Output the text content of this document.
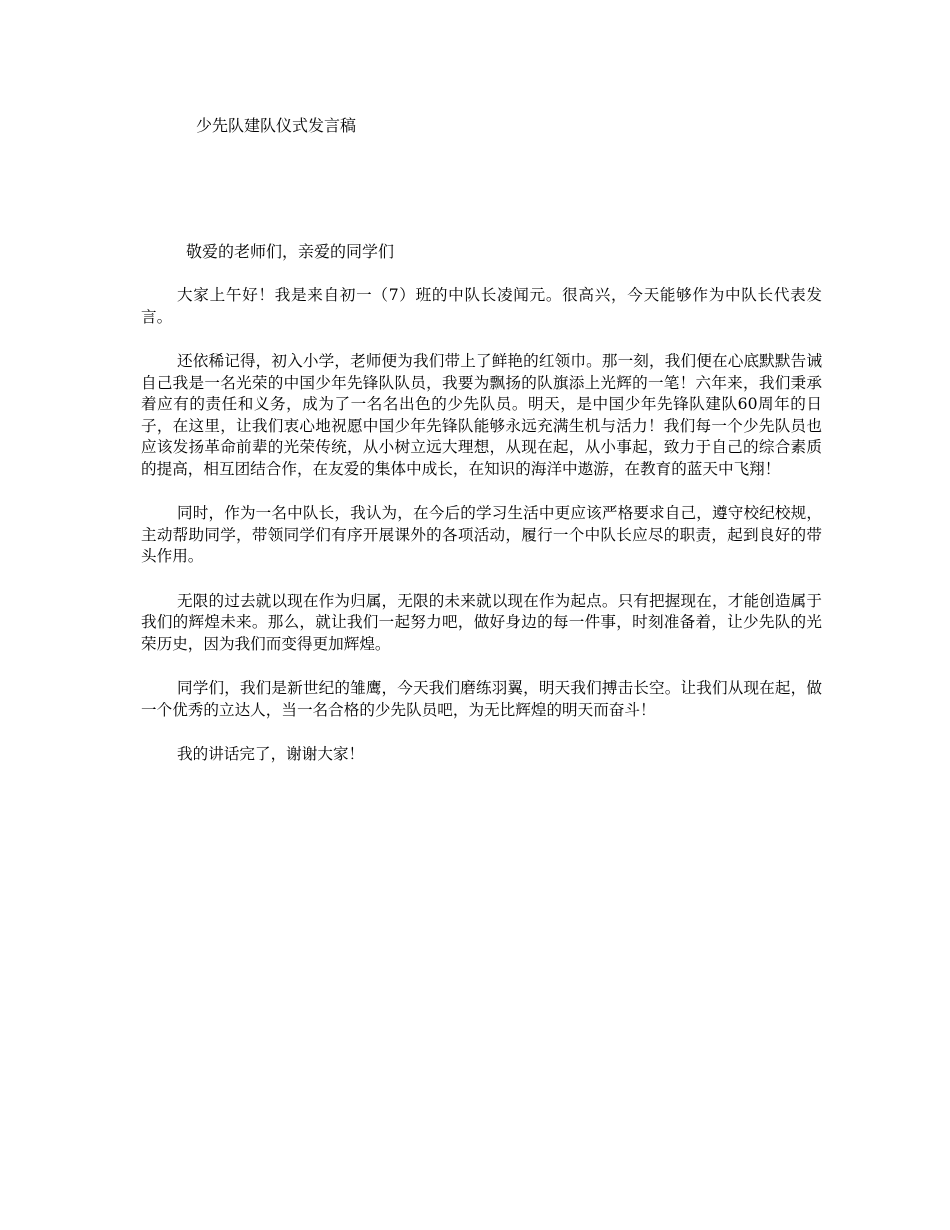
少先队建队仪式发言稿
敬爱的老师们，亲爱的同学们

大家上午好！我是来自初一（7）班的中队长凌闻元。很高兴，今天能够作为中队长代表发言。

还依稀记得，初入小学，老师便为我们带上了鲜艳的红领巾。那一刻，我们便在心底默默告诫自己我是一名光荣的中国少年先锋队队员，我要为飘扬的队旗添上光辉的一笔！六年来，我们秉承着应有的责任和义务，成为了一名名出色的少先队员。明天，是中国少年先锋队建队60周年的日子，在这里，让我们衷心地祝愿中国少年先锋队能够永远充满生机与活力！我们每一个少先队员也应该发扬革命前辈的光荣传统，从小树立远大理想，从现在起，从小事起，致力于自己的综合素质的提高，相互团结合作，在友爱的集体中成长，在知识的海洋中遨游，在教育的蓝天中飞翔！

同时，作为一名中队长，我认为，在今后的学习生活中更应该严格要求自己，遵守校纪校规，主动帮助同学，带领同学们有序开展课外的各项活动，履行一个中队长应尽的职责，起到良好的带头作用。

无限的过去就以现在作为归属，无限的未来就以现在作为起点。只有把握现在，才能创造属于我们的辉煌未来。那么，就让我们一起努力吧，做好身边的每一件事，时刻准备着，让少先队的光荣历史，因为我们而变得更加辉煌。

同学们，我们是新世纪的雏鹰，今天我们磨练羽翼，明天我们搏击长空。让我们从现在起，做一个优秀的立达人，当一名合格的少先队员吧，为无比辉煌的明天而奋斗！

我的讲话完了，谢谢大家！
